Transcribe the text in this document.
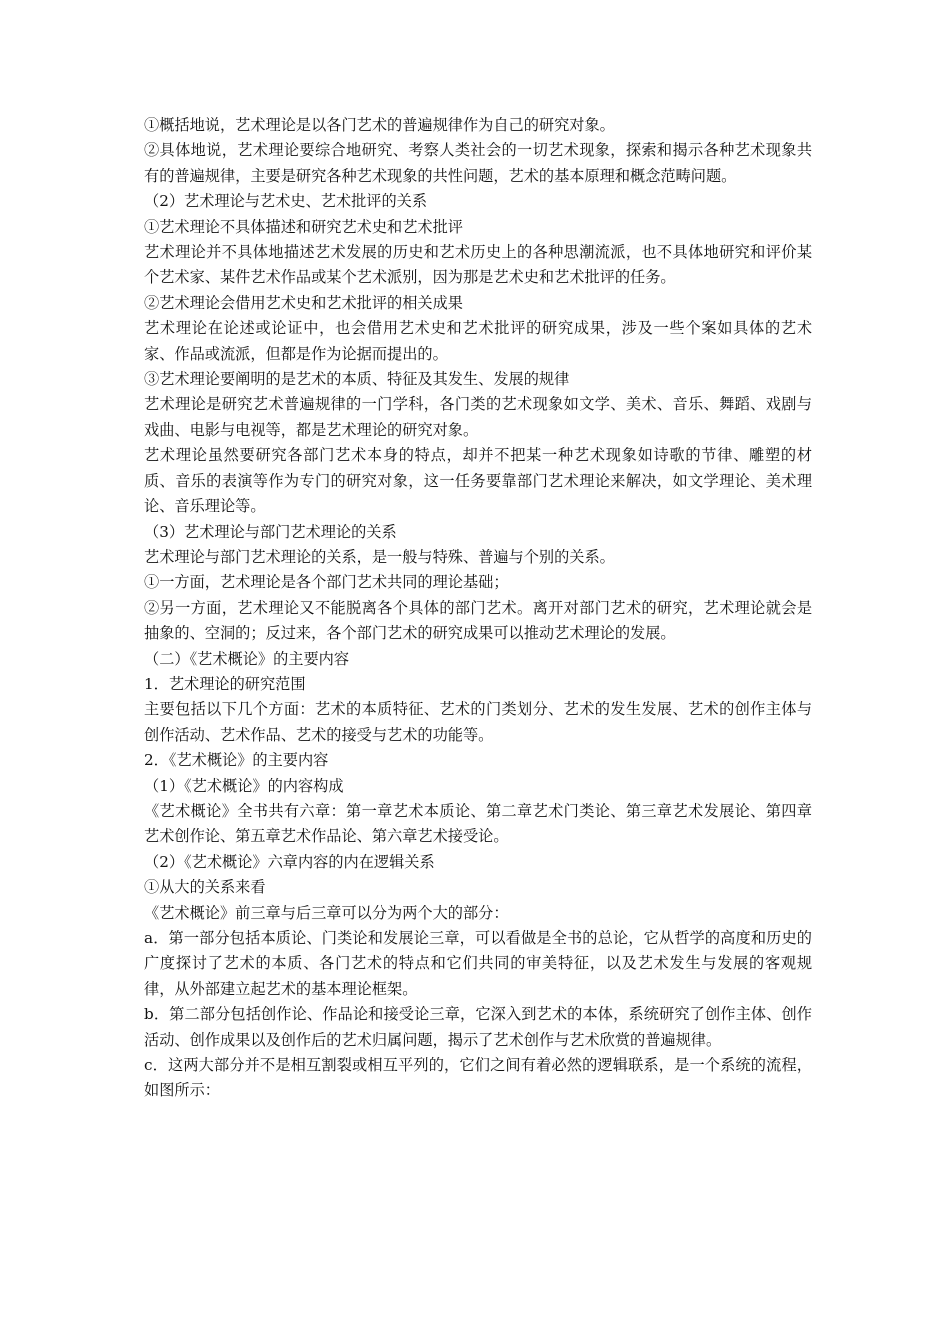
①概括地说，艺术理论是以各门艺术的普遍规律作为自己的研究对象。

②具体地说，艺术理论要综合地研究、考察人类社会的一切艺术现象，探索和揭示各种艺术现象共有的普遍规律，主要是研究各种艺术现象的共性问题，艺术的基本原理和概念范畴问题。

（2）艺术理论与艺术史、艺术批评的关系

①艺术理论不具体描述和研究艺术史和艺术批评

艺术理论并不具体地描述艺术发展的历史和艺术历史上的各种思潮流派，也不具体地研究和评价某个艺术家、某件艺术作品或某个艺术派别，因为那是艺术史和艺术批评的任务。

②艺术理论会借用艺术史和艺术批评的相关成果

艺术理论在论述或论证中，也会借用艺术史和艺术批评的研究成果，涉及一些个案如具体的艺术家、作品或流派，但都是作为论据而提出的。

③艺术理论要阐明的是艺术的本质、特征及其发生、发展的规律

艺术理论是研究艺术普遍规律的一门学科，各门类的艺术现象如文学、美术、音乐、舞蹈、戏剧与戏曲、电影与电视等，都是艺术理论的研究对象。

艺术理论虽然要研究各部门艺术本身的特点，却并不把某一种艺术现象如诗歌的节律、雕塑的材质、音乐的表演等作为专门的研究对象，这一任务要靠部门艺术理论来解决，如文学理论、美术理论、音乐理论等。

（3）艺术理论与部门艺术理论的关系

艺术理论与部门艺术理论的关系，是一般与特殊、普遍与个别的关系。

①一方面，艺术理论是各个部门艺术共同的理论基础；

②另一方面，艺术理论又不能脱离各个具体的部门艺术。离开对部门艺术的研究，艺术理论就会是抽象的、空洞的；反过来，各个部门艺术的研究成果可以推动艺术理论的发展。

（二）《艺术概论》的主要内容

1．艺术理论的研究范围

主要包括以下几个方面：艺术的本质特征、艺术的门类划分、艺术的发生发展、艺术的创作主体与创作活动、艺术作品、艺术的接受与艺术的功能等。

2．《艺术概论》的主要内容

（1）《艺术概论》的内容构成

《艺术概论》全书共有六章：第一章艺术本质论、第二章艺术门类论、第三章艺术发展论、第四章艺术创作论、第五章艺术作品论、第六章艺术接受论。

（2）《艺术概论》六章内容的内在逻辑关系

①从大的关系来看

《艺术概论》前三章与后三章可以分为两个大的部分：

a．第一部分包括本质论、门类论和发展论三章，可以看做是全书的总论，它从哲学的高度和历史的广度探讨了艺术的本质、各门艺术的特点和它们共同的审美特征，以及艺术发生与发展的客观规律，从外部建立起艺术的基本理论框架。

b．第二部分包括创作论、作品论和接受论三章，它深入到艺术的本体，系统研究了创作主体、创作活动、创作成果以及创作后的艺术归属问题，揭示了艺术创作与艺术欣赏的普遍规律。

c．这两大部分并不是相互割裂或相互平列的，它们之间有着必然的逻辑联系，是一个系统的流程，如图所示：
